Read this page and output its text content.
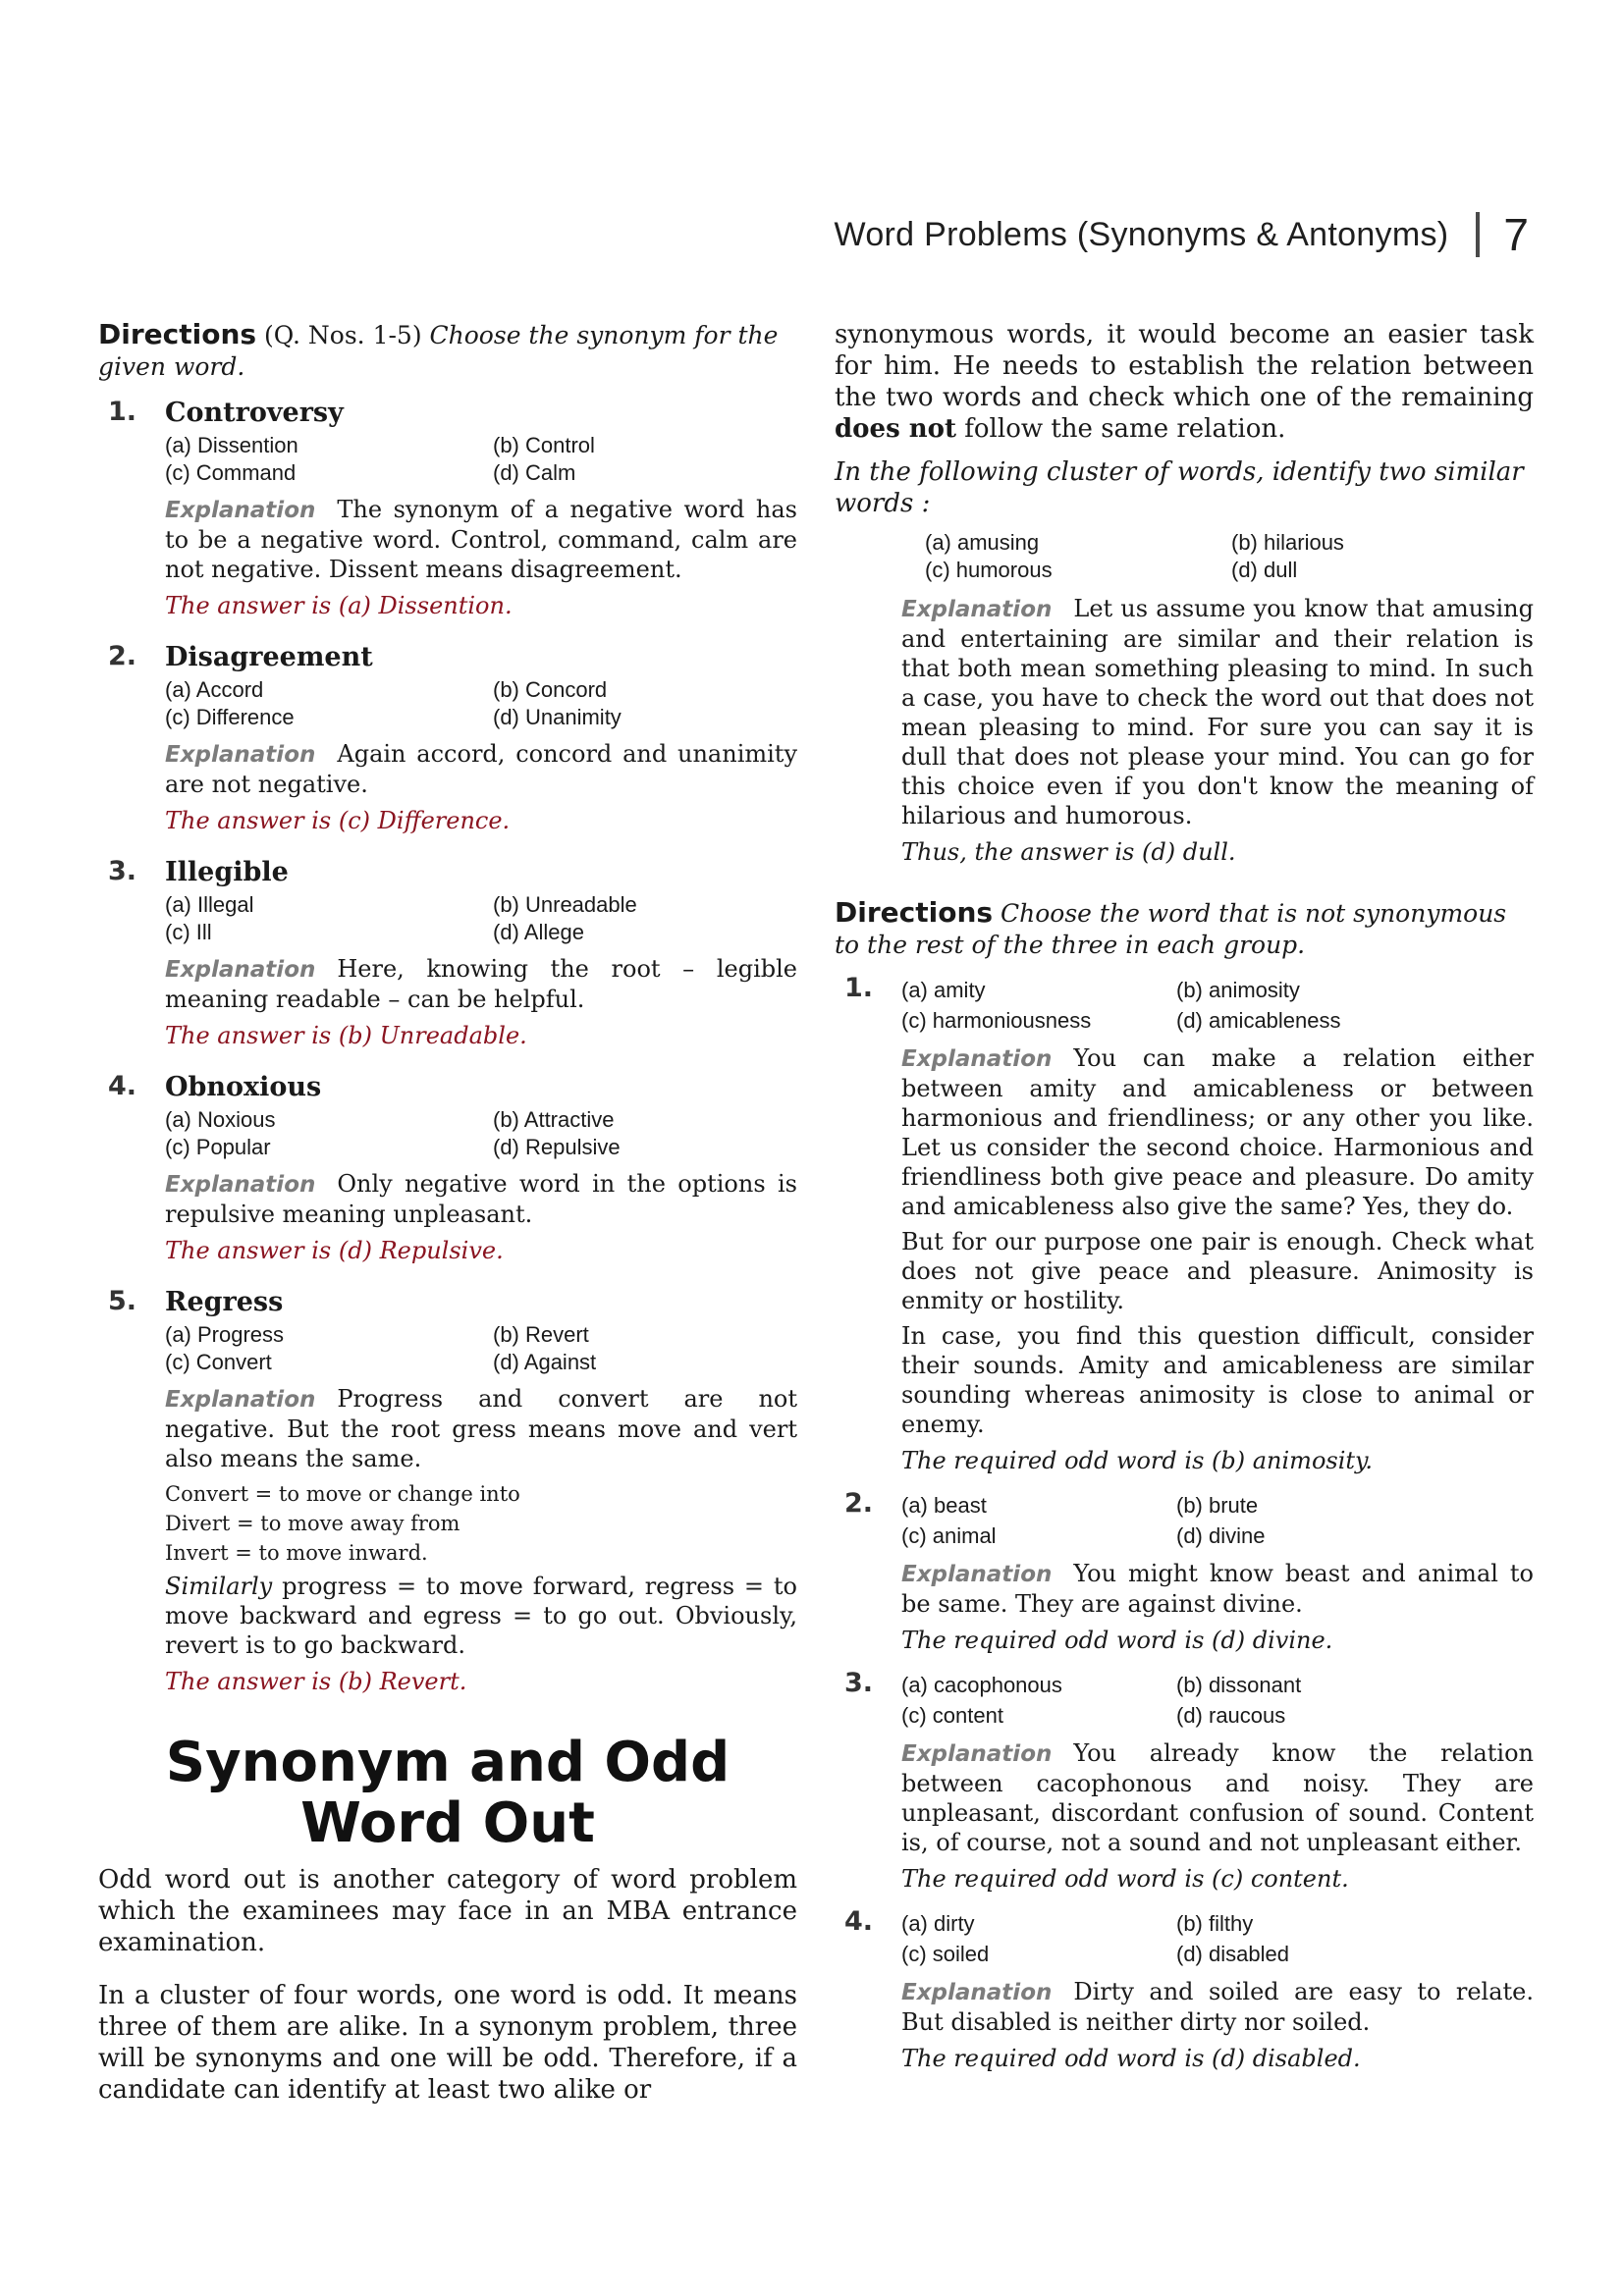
Word Problems (Synonyms & Antonyms) 7

Directions (Q. Nos. 1-5) Choose the synonym for the given word.

1. Controversy
(a) Dissention	(b) Control
(c) Command	(d) Calm

Explanation The synonym of a negative word has to be a negative word. Control, command, calm are not negative. Dissent means disagreement.

The answer is (a) Dissention.

2. Disagreement
(a) Accord	(b) Concord
(c) Difference	(d) Unanimity

Explanation Again accord, concord and unanimity are not negative.

The answer is (c) Difference.

3. Illegible
(a) Illegal	(b) Unreadable
(c) Ill	(d) Allege

Explanation Here, knowing the root – legible meaning readable – can be helpful.

The answer is (b) Unreadable.

4. Obnoxious
(a) Noxious	(b) Attractive
(c) Popular	(d) Repulsive

Explanation Only negative word in the options is repulsive meaning unpleasant.

The answer is (d) Repulsive.

5. Regress
(a) Progress	(b) Revert
(c) Convert	(d) Against

Explanation Progress and convert are not negative. But the root gress means move and vert also means the same.

Convert = to move or change into

Divert = to move away from

Invert = to move inward.

Similarly progress = to move forward, regress = to move backward and egress = to go out. Obviously, revert is to go backward.

The answer is (b) Revert.

Synonym and Odd
Word Out

Odd word out is another category of word problem which the examinees may face in an MBA entrance examination.

In a cluster of four words, one word is odd. It means three of them are alike. In a synonym problem, three will be synonyms and one will be odd. Therefore, if a candidate can identify at least two alike or

synonymous words, it would become an easier task for him. He needs to establish the relation between the two words and check which one of the remaining does not follow the same relation.

In the following cluster of words, identify two similar words :

(a) amusing	(b) hilarious
(c) humorous	(d) dull

Explanation Let us assume you know that amusing and entertaining are similar and their relation is that both mean something pleasing to mind. In such a case, you have to check the word out that does not mean pleasing to mind. For sure you can say it is dull that does not please your mind. You can go for this choice even if you don't know the meaning of hilarious and humorous.

Thus, the answer is (d) dull.

Directions Choose the word that is not synonymous to the rest of the three in each group.

1. (a) amity	(b) animosity
(c) harmoniousness	(d) amicableness

Explanation You can make a relation either between amity and amicableness or between harmonious and friendliness; or any other you like. Let us consider the second choice. Harmonious and friendliness both give peace and pleasure. Do amity and amicableness also give the same? Yes, they do.

But for our purpose one pair is enough. Check what does not give peace and pleasure. Animosity is enmity or hostility.

In case, you find this question difficult, consider their sounds. Amity and amicableness are similar sounding whereas animosity is close to animal or enemy.

The required odd word is (b) animosity.

2. (a) beast	(b) brute
(c) animal	(d) divine

Explanation You might know beast and animal to be same. They are against divine.

The required odd word is (d) divine.

3. (a) cacophonous	(b) dissonant
(c) content	(d) raucous

Explanation You already know the relation between cacophonous and noisy. They are unpleasant, discordant confusion of sound. Content is, of course, not a sound and not unpleasant either.

The required odd word is (c) content.

4. (a) dirty	(b) filthy
(c) soiled	(d) disabled

Explanation Dirty and soiled are easy to relate. But disabled is neither dirty nor soiled.

The required odd word is (d) disabled.
